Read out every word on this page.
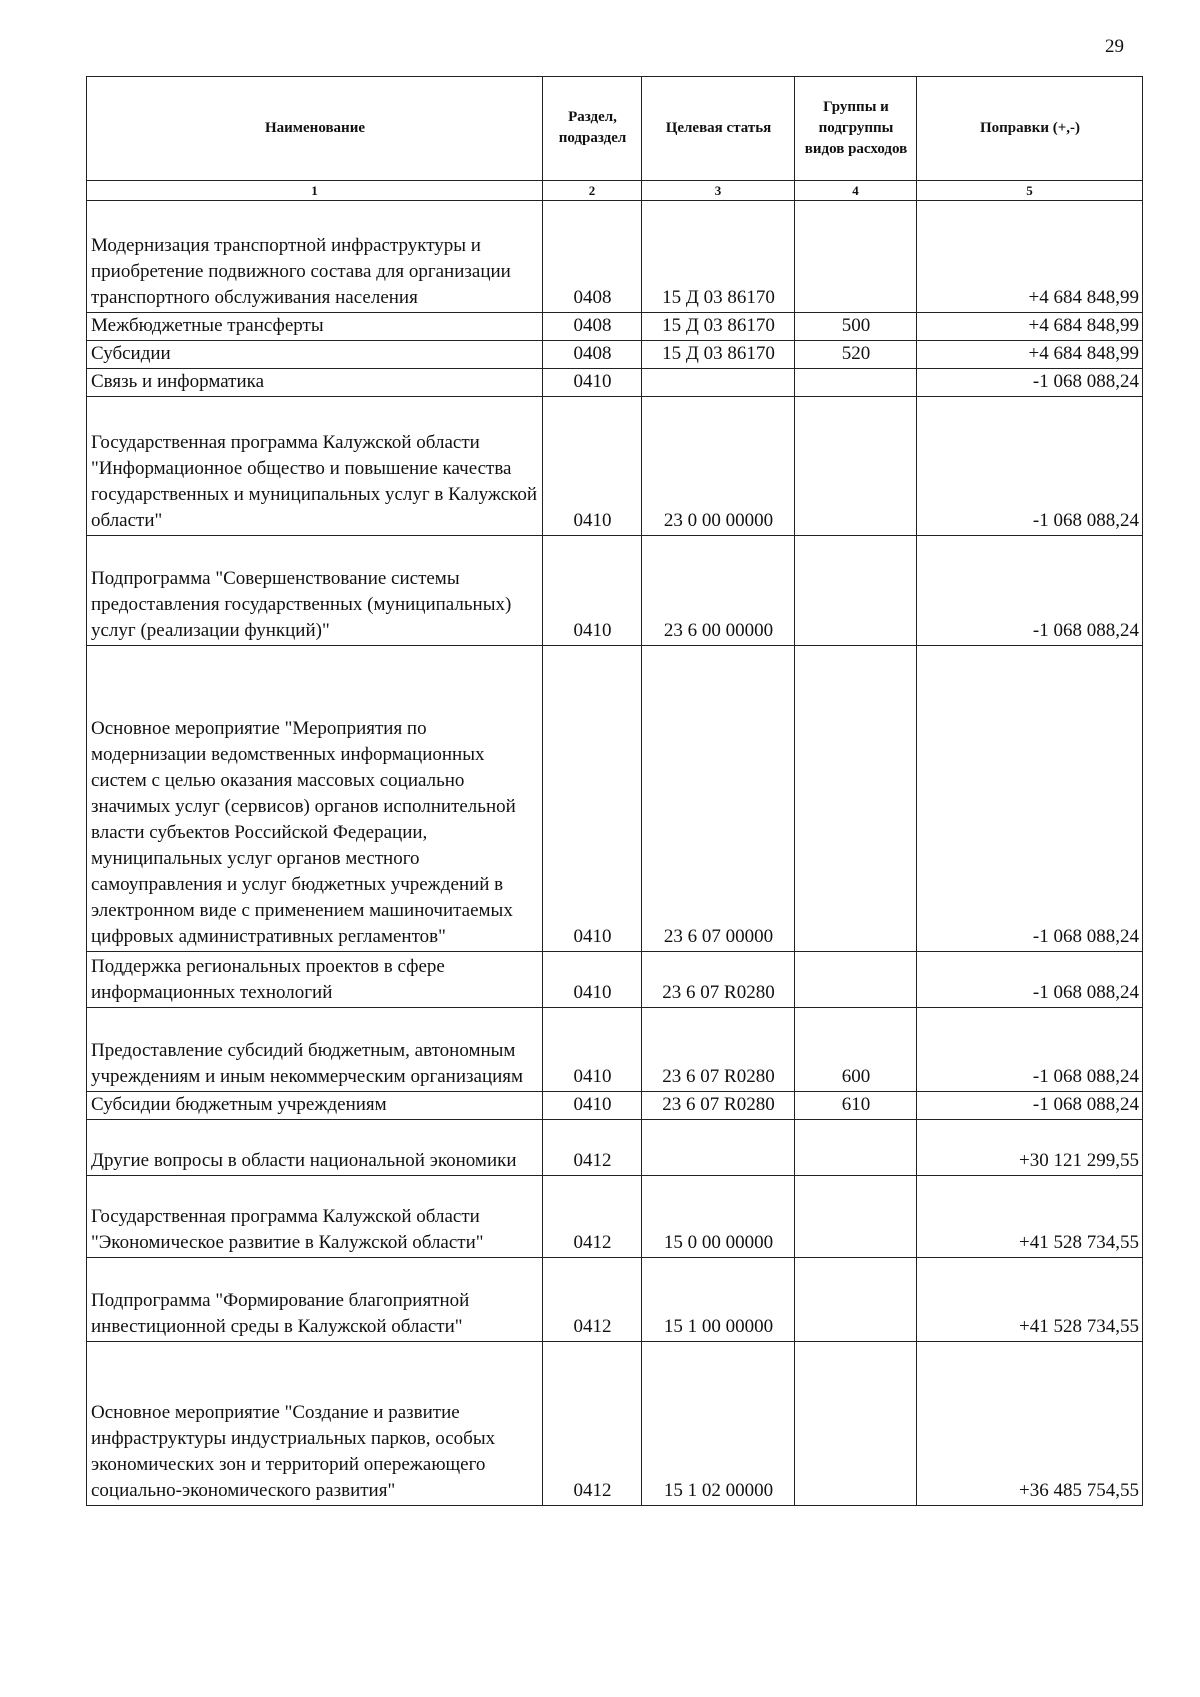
29
Наименование	Раздел, подраздел	Целевая статья	Группы и подгруппы видов расходов	Поправки (+,-)
1	2	3	4	5
Модернизация транспортной инфраструктуры и приобретение подвижного состава для организации транспортного обслуживания населения	0408	15 Д 03 86170		+4 684 848,99
Межбюджетные трансферты	0408	15 Д 03 86170	500	+4 684 848,99
Субсидии	0408	15 Д 03 86170	520	+4 684 848,99
Связь и информатика	0410			-1 068 088,24
Государственная программа Калужской области "Информационное общество и повышение качества государственных и муниципальных услуг в Калужской области"	0410	23 0 00 00000		-1 068 088,24
Подпрограмма "Совершенствование системы предоставления государственных (муниципальных) услуг (реализации функций)"	0410	23 6 00 00000		-1 068 088,24
Основное мероприятие "Мероприятия по модернизации ведомственных информационных систем с целью оказания массовых социально значимых услуг (сервисов) органов исполнительной власти субъектов Российской Федерации, муниципальных услуг органов местного самоуправления и услуг бюджетных учреждений в электронном виде с применением машиночитаемых цифровых административных регламентов"	0410	23 6 07 00000		-1 068 088,24
Поддержка региональных проектов в сфере информационных технологий	0410	23 6 07 R0280		-1 068 088,24
Предоставление субсидий бюджетным, автономным учреждениям и иным некоммерческим организациям	0410	23 6 07 R0280	600	-1 068 088,24
Субсидии бюджетным учреждениям	0410	23 6 07 R0280	610	-1 068 088,24
Другие вопросы в области национальной экономики	0412			+30 121 299,55
Государственная программа Калужской области "Экономическое развитие в Калужской области"	0412	15 0 00 00000		+41 528 734,55
Подпрограмма "Формирование благоприятной инвестиционной среды в Калужской области"	0412	15 1 00 00000		+41 528 734,55
Основное мероприятие "Создание и развитие инфраструктуры индустриальных парков, особых экономических зон и территорий опережающего социально-экономического развития"	0412	15 1 02 00000		+36 485 754,55
